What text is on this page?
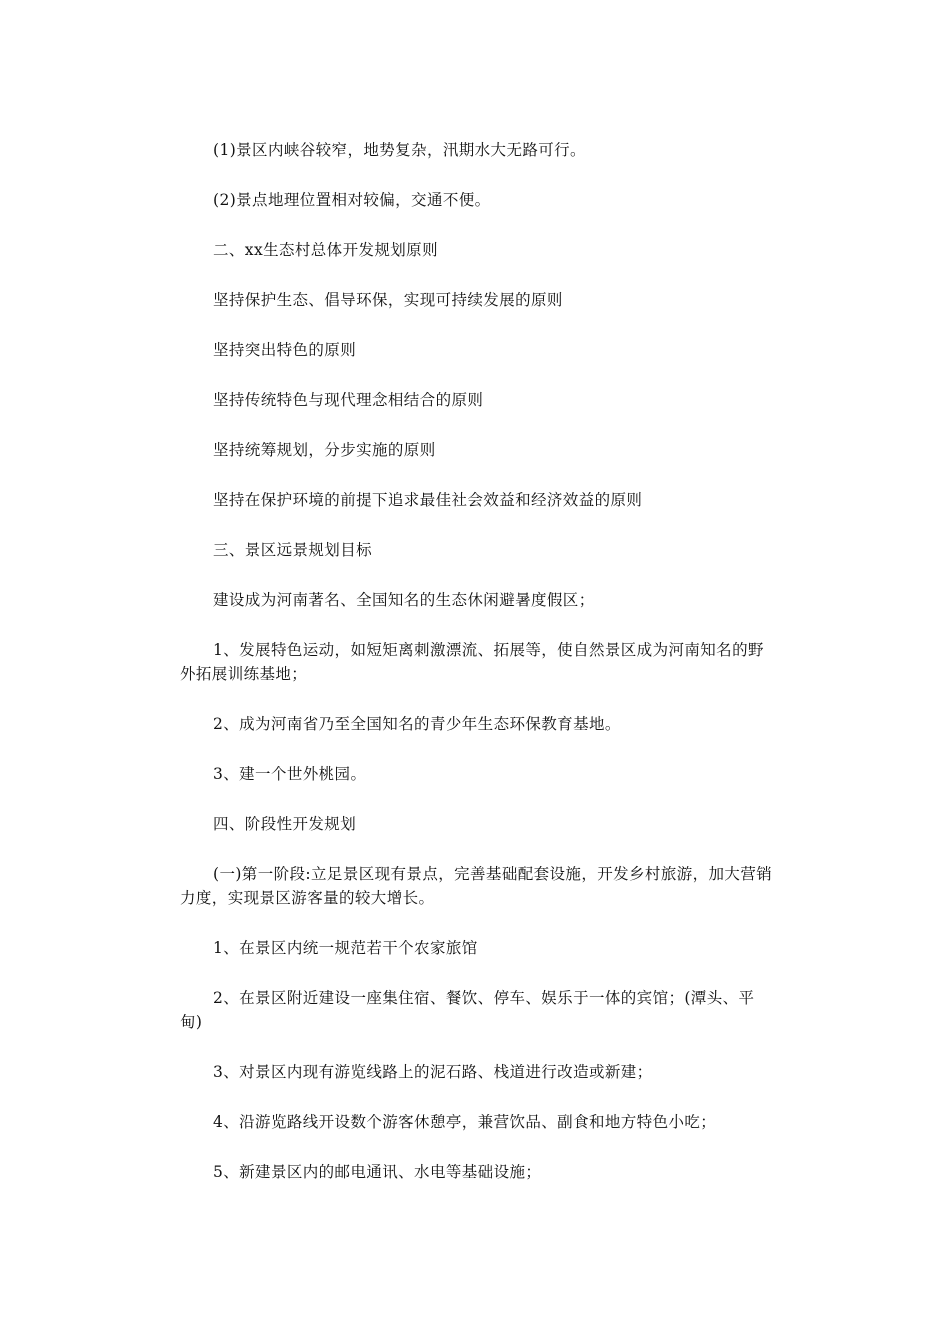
(1)景区内峡谷较窄，地势复杂，汛期水大无路可行。

(2)景点地理位置相对较偏，交通不便。

二、xx生态村总体开发规划原则

坚持保护生态、倡导环保，实现可持续发展的原则

坚持突出特色的原则

坚持传统特色与现代理念相结合的原则

坚持统筹规划，分步实施的原则

坚持在保护环境的前提下追求最佳社会效益和经济效益的原则

三、景区远景规划目标

建设成为河南著名、全国知名的生态休闲避暑度假区；

1、发展特色运动，如短矩离刺激漂流、拓展等，使自然景区成为河南知名的野外拓展训练基地；

2、成为河南省乃至全国知名的青少年生态环保教育基地。

3、建一个世外桃园。

四、阶段性开发规划

(一)第一阶段:立足景区现有景点，完善基础配套设施，开发乡村旅游，加大营销力度，实现景区游客量的较大增长。

1、在景区内统一规范若干个农家旅馆

2、在景区附近建设一座集住宿、餐饮、停车、娱乐于一体的宾馆；(潭头、平甸)

3、对景区内现有游览线路上的泥石路、栈道进行改造或新建；

4、沿游览路线开设数个游客休憩亭，兼营饮品、副食和地方特色小吃；

5、新建景区内的邮电通讯、水电等基础设施；
